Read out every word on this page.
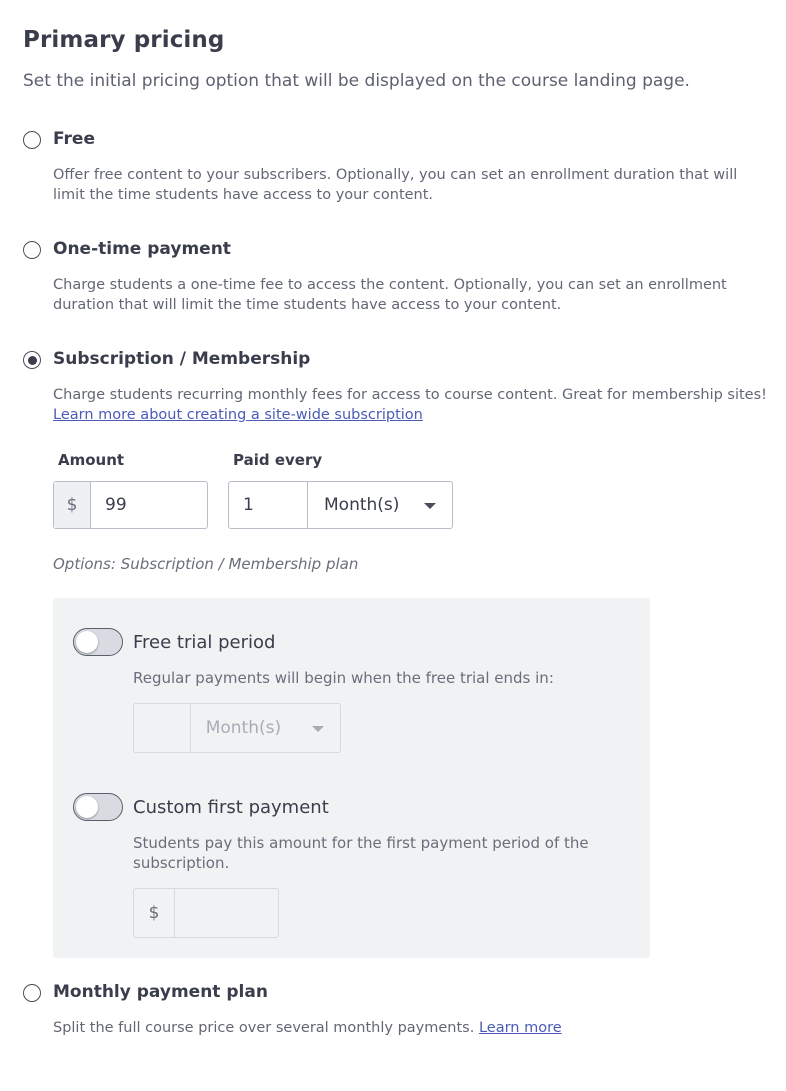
Primary pricing
Set the initial pricing option that will be displayed on the course landing page.
Free
Offer free content to your subscribers. Optionally, you can set an enrollment duration that will limit the time students have access to your content.
One-time payment
Charge students a one-time fee to access the content. Optionally, you can set an enrollment duration that will limit the time students have access to your content.
Subscription / Membership
Charge students recurring monthly fees for access to course content. Great for membership sites!
Learn more about creating a site-wide subscription
Amount	Paid every
$
99
1	Month(s)
Options: Subscription / Membership plan
Free trial period
Regular payments will begin when the free trial ends in:
Month(s)
Custom first payment
Students pay this amount for the first payment period of the subscription.
$
Monthly payment plan
Split the full course price over several monthly payments. Learn more
